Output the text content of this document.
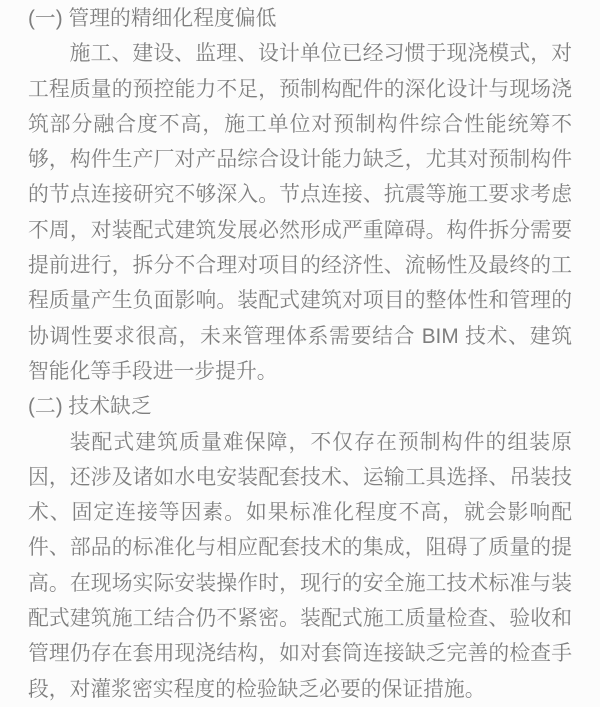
(一) 管理的精细化程度偏低

施工、建设、监理、设计单位已经习惯于现浇模式，对工程质量的预控能力不足，预制构配件的深化设计与现场浇筑部分融合度不高，施工单位对预制构件综合性能统筹不够，构件生产厂对产品综合设计能力缺乏，尤其对预制构件的节点连接研究不够深入。节点连接、抗震等施工要求考虑不周，对装配式建筑发展必然形成严重障碍。构件拆分需要提前进行，拆分不合理对项目的经济性、流畅性及最终的工程质量产生负面影响。装配式建筑对项目的整体性和管理的协调性要求很高，未来管理体系需要结合 BIM 技术、建筑智能化等手段进一步提升。

(二) 技术缺乏

装配式建筑质量难保障，不仅存在预制构件的组装原因，还涉及诸如水电安装配套技术、运输工具选择、吊装技术、固定连接等因素。如果标准化程度不高，就会影响配件、部品的标准化与相应配套技术的集成，阻碍了质量的提高。在现场实际安装操作时，现行的安全施工技术标准与装配式建筑施工结合仍不紧密。装配式施工质量检查、验收和管理仍存在套用现浇结构，如对套筒连接缺乏完善的检查手段，对灌浆密实程度的检验缺乏必要的保证措施。
